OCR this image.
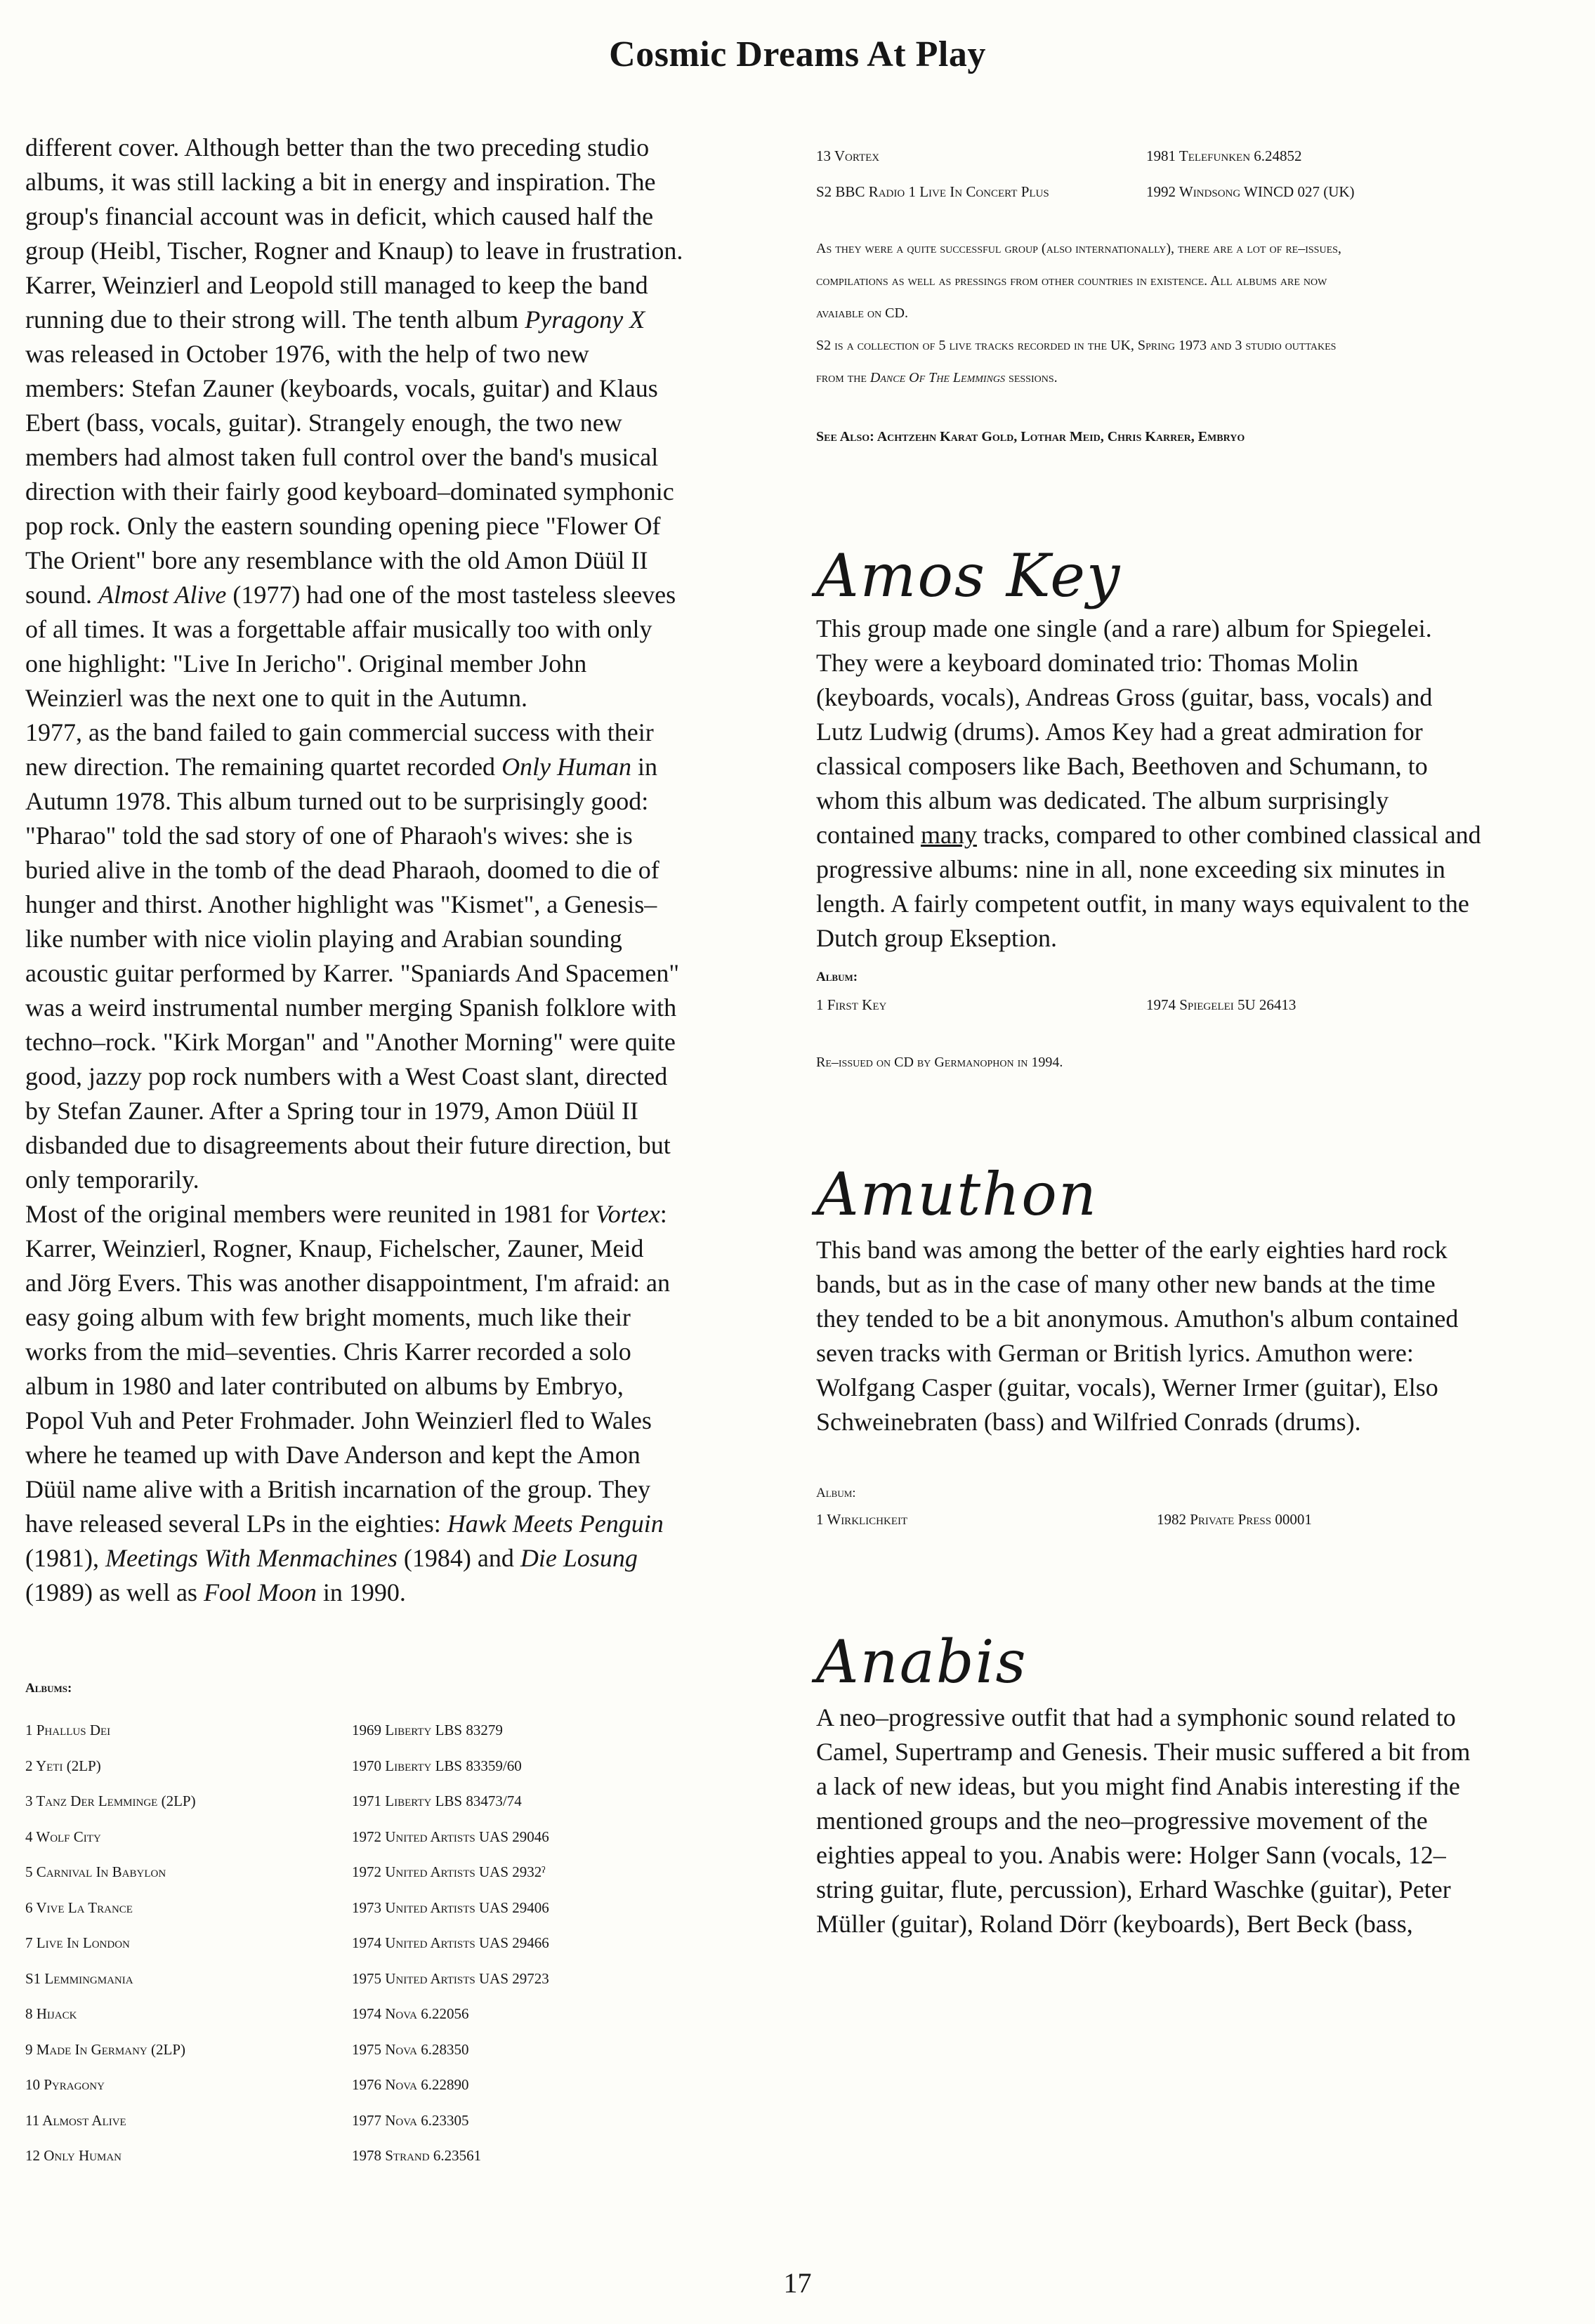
Cosmic Dreams At Play

different cover. Although better than the two preceding studio

albums, it was still lacking a bit in energy and inspiration. The

group's financial account was in deficit, which caused half the

group (Heibl, Tischer, Rogner and Knaup) to leave in frustration.

Karrer, Weinzierl and Leopold still managed to keep the band

running due to their strong will. The tenth album Pyragony X

was released in October 1976, with the help of two new

members: Stefan Zauner (keyboards, vocals, guitar) and Klaus

Ebert (bass, vocals, guitar). Strangely enough, the two new

members had almost taken full control over the band's musical

direction with their fairly good keyboard–dominated symphonic

pop rock. Only the eastern sounding opening piece "Flower Of

The Orient" bore any resemblance with the old Amon Düül II

sound. Almost Alive (1977) had one of the most tasteless sleeves

of all times. It was a forgettable affair musically too with only

one highlight: "Live In Jericho". Original member John

Weinzierl was the next one to quit in the Autumn.

1977, as the band failed to gain commercial success with their

new direction. The remaining quartet recorded Only Human in

Autumn 1978. This album turned out to be surprisingly good:

"Pharao" told the sad story of one of Pharaoh's wives: she is

buried alive in the tomb of the dead Pharaoh, doomed to die of

hunger and thirst. Another highlight was "Kismet", a Genesis–

like number with nice violin playing and Arabian sounding

acoustic guitar performed by Karrer. "Spaniards And Spacemen"

was a weird instrumental number merging Spanish folklore with

techno–rock. "Kirk Morgan" and "Another Morning" were quite

good, jazzy pop rock numbers with a West Coast slant, directed

by Stefan Zauner. After a Spring tour in 1979, Amon Düül II

disbanded due to disagreements about their future direction, but

only temporarily.

Most of the original members were reunited in 1981 for Vortex:

Karrer, Weinzierl, Rogner, Knaup, Fichelscher, Zauner, Meid

and Jörg Evers. This was another disappointment, I'm afraid: an

easy going album with few bright moments, much like their

works from the mid–seventies. Chris Karrer recorded a solo

album in 1980 and later contributed on albums by Embryo,

Popol Vuh and Peter Frohmader. John Weinzierl fled to Wales

where he teamed up with Dave Anderson and kept the Amon

Düül name alive with a British incarnation of the group. They

have released several LPs in the eighties: Hawk Meets Penguin

(1981), Meetings With Menmachines (1984) and Die Losung

(1989) as well as Fool Moon in 1990.

Albums:

1 Phallus Dei	1969 Liberty LBS 83279
2 Yeti (2LP)	1970 Liberty LBS 83359/60
3 Tanz Der Lemminge (2LP)	1971 Liberty LBS 83473/74
4 Wolf City	1972 United Artists UAS 29046
5 Carnival In Babylon	1972 United Artists UAS 2932ˀ
6 Vive La Trance	1973 United Artists UAS 29406
7 Live In London	1974 United Artists UAS 29466
S1 Lemmingmania	1975 United Artists UAS 29723
8 Hijack	1974 Nova 6.22056
9 Made In Germany (2LP)	1975 Nova 6.28350
10 Pyragony	1976 Nova 6.22890
11 Almost Alive	1977 Nova 6.23305
12 Only Human	1978 Strand 6.23561
13 Vortex	1981 Telefunken 6.24852
S2 BBC Radio 1 Live In Concert Plus	1992 Windsong WINCD 027 (UK)

As they were a quite successful group (also internationally), there are a lot of re–issues,

compilations as well as pressings from other countries in existence. All albums are now

avaiable on CD.

S2 is a collection of 5 live tracks recorded in the UK, Spring 1973 and 3 studio outtakes

from the Dance Of The Lemmings sessions.

See Also: Achtzehn Karat Gold, Lothar Meid, Chris Karrer, Embryo

Amos Key

This group made one single (and a rare) album for Spiegelei.

They were a keyboard dominated trio: Thomas Molin

(keyboards, vocals), Andreas Gross (guitar, bass, vocals) and

Lutz Ludwig (drums). Amos Key had a great admiration for

classical composers like Bach, Beethoven and Schumann, to

whom this album was dedicated. The album surprisingly

contained many tracks, compared to other combined classical and

progressive albums: nine in all, none exceeding six minutes in

length. A fairly competent outfit, in many ways equivalent to the

Dutch group Ekseption.

Album:

1 First Key	1974 Spiegelei 5U 26413

Re–issued on CD by Germanophon in 1994.

Amuthon

This band was among the better of the early eighties hard rock

bands, but as in the case of many other new bands at the time

they tended to be a bit anonymous. Amuthon's album contained

seven tracks with German or British lyrics. Amuthon were:

Wolfgang Casper (guitar, vocals), Werner Irmer (guitar), Elso

Schweinebraten (bass) and Wilfried Conrads (drums).

Album:

1 Wirklichkeit	1982 Private Press 00001
Anabis

A neo–progressive outfit that had a symphonic sound related to

Camel, Supertramp and Genesis. Their music suffered a bit from

a lack of new ideas, but you might find Anabis interesting if the

mentioned groups and the neo–progressive movement of the

eighties appeal to you. Anabis were: Holger Sann (vocals, 12–

string guitar, flute, percussion), Erhard Waschke (guitar), Peter

Müller (guitar), Roland Dörr (keyboards), Bert Beck (bass,

17
